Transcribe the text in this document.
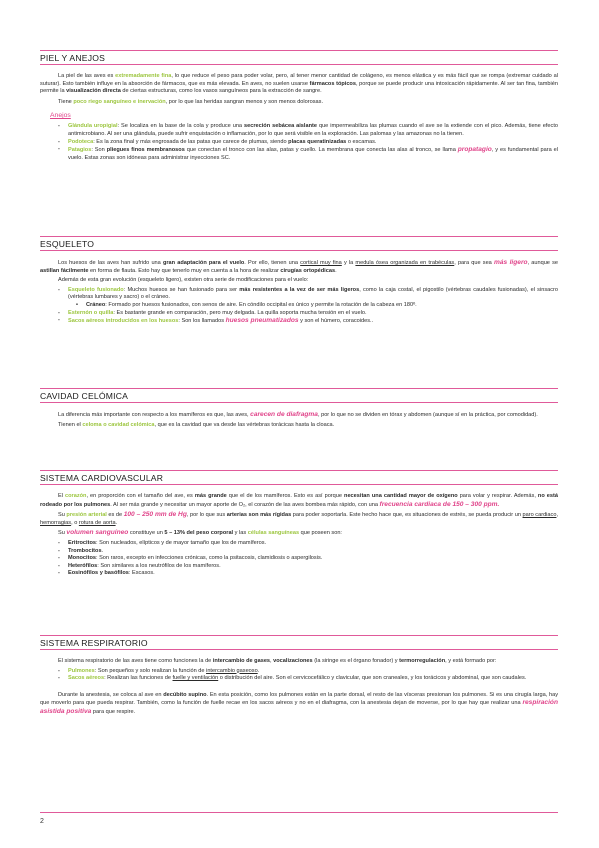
PIEL Y ANEJOS

La piel de las aves es extremadamente fina, lo que reduce el peso para poder volar, pero, al tener menor cantidad de colágeno, es menos elástica y es más fácil que se rompa (extremar cuidado al suturar). Esto también influye en la absorción de fármacos, que es más elevada. En aves, no suelen usarse fármacos tópicos, porque se puede producir una intoxicación rápidamente. Al ser tan fina, también permite la visualización directa de ciertas estructuras, como los vasos sanguíneos para la extracción de sangre.

Tiene poco riego sanguíneo e inervación, por lo que las heridas sangran menos y son menos dolorosas.

Anejos
- Glándula uropigial: Se localiza en la base de la cola y produce una secreción sebácea aislante que impermeabiliza las plumas cuando el ave se la extiende con el pico. Además, tiene efecto antimicrobiano. Al ser una glándula, puede sufrir enquistación o inflamación, por lo que será visible en la exploración. Las palomas y las amazonas no la tienen.
- Podoteca: Es la zona final y más engrosada de las patas que carece de plumas, siendo placas queratinizadas o escamas.
- Patagios: Son pliegues finos membranosos que conectan el tronco con las alas, patas y cuello. La membrana que conecta las alas al tronco, se llama propatagio, y es fundamental para el vuelo. Estas zonas son idóneas para administrar inyecciones SC.
ESQUELETO

Los huesos de las aves han sufrido una gran adaptación para el vuelo. Por ello, tienen una cortical muy fina y la medula ósea organizada en trabéculas, para que sea más ligero, aunque se astillan fácilmente en forma de flauta. Esto hay que tenerlo muy en cuenta a la hora de realizar cirugías ortopédicas.

Además de esta gran evolución (esqueleto ligero), existen otra serie de modificaciones para el vuelo:

- Esqueleto fusionado: Muchos huesos se han fusionado para ser más resistentes a la vez de ser más ligeros, como la caja costal, el pigostilo (vértebras caudales fusionadas), el sinsacro (vértebras lumbares y sacro) o el cráneo.
• Cráneo: Formado por huesos fusionados, con senos de aire. En cóndilo occipital es único y permite la rotación de la cabeza en 180º.
- Esternón o quilla: Es bastante grande en comparación, pero muy delgada. La quilla soporta mucha tensión en el vuelo.
- Sacos aéreos introducidos en los huesos: Son los llamados huesos pneumatizados y son el húmero, coracoides..
CAVIDAD CELÓMICA

La diferencia más importante con respecto a los mamíferos es que, las aves, carecen de diafragma, por lo que no se dividen en tórax y abdomen (aunque sí en la práctica, por comodidad).

Tienen el celoma o cavidad celómica, que es la cavidad que va desde las vértebras torácicas hasta la cloaca.

SISTEMA CARDIOVASCULAR

El corazón, en proporción con el tamaño del ave, es más grande que el de los mamíferos. Esto es así porque necesitan una cantidad mayor de oxígeno para volar y respirar. Además, no está rodeado por los pulmones. Al ser más grande y necesitar un mayor aporte de O₂, el corazón de las aves bombea más rápido, con una frecuencia cardiaca de 150 – 300 ppm.

Su presión arterial es de 100 – 250 mm de Hg, por lo que sus arterias son más rígidas para poder soportarla. Este hecho hace que, es situaciones de estrés, se pueda producir un paro cardiaco, hemorragias, o rotura de aorta.

Su volumen sanguíneo constituye un 5 – 13% del peso corporal y las células sanguíneas que poseen son:

- Eritrocitos: Son nucleados, elípticos y de mayor tamaño que los de mamíferos.
- Trombocitos.
- Monocitos: Son raros, excepto en infecciones crónicas, como la psitacosis, clamidiosis o aspergilosis.
- Heterófilos: Son similares a los neutrófilos de los mamíferos.
- Eosinófilos y basófilos: Escasos.
SISTEMA RESPIRATORIO

El sistema respiratorio de las aves tiene como funciones la de intercambio de gases, vocalizaciones (la siringe es el órgano fonador) y termorregulación, y está formado por:

- Pulmones: Son pequeños y solo realizan la función de intercambio gaseoso.
- Sacos aéreos: Realizan las funciones de fuelle y ventilación o distribución del aire. Son el cervicocefálico y clavicular, que son craneales, y los torácicos y abdominal, que son caudales.

Durante la anestesia, se coloca al ave en decúbito supino. En esta posición, como los pulmones están en la parte dorsal, el resto de las vísceras presionan los pulmones. Si es una cirugía larga, hay que moverlo para que pueda respirar. También, como la función de fuelle recae en los sacos aéreos y no en el diafragma, con la anestesia dejan de moverse, por lo que hay que realizar una respiración asistida positiva para que respire.

2
